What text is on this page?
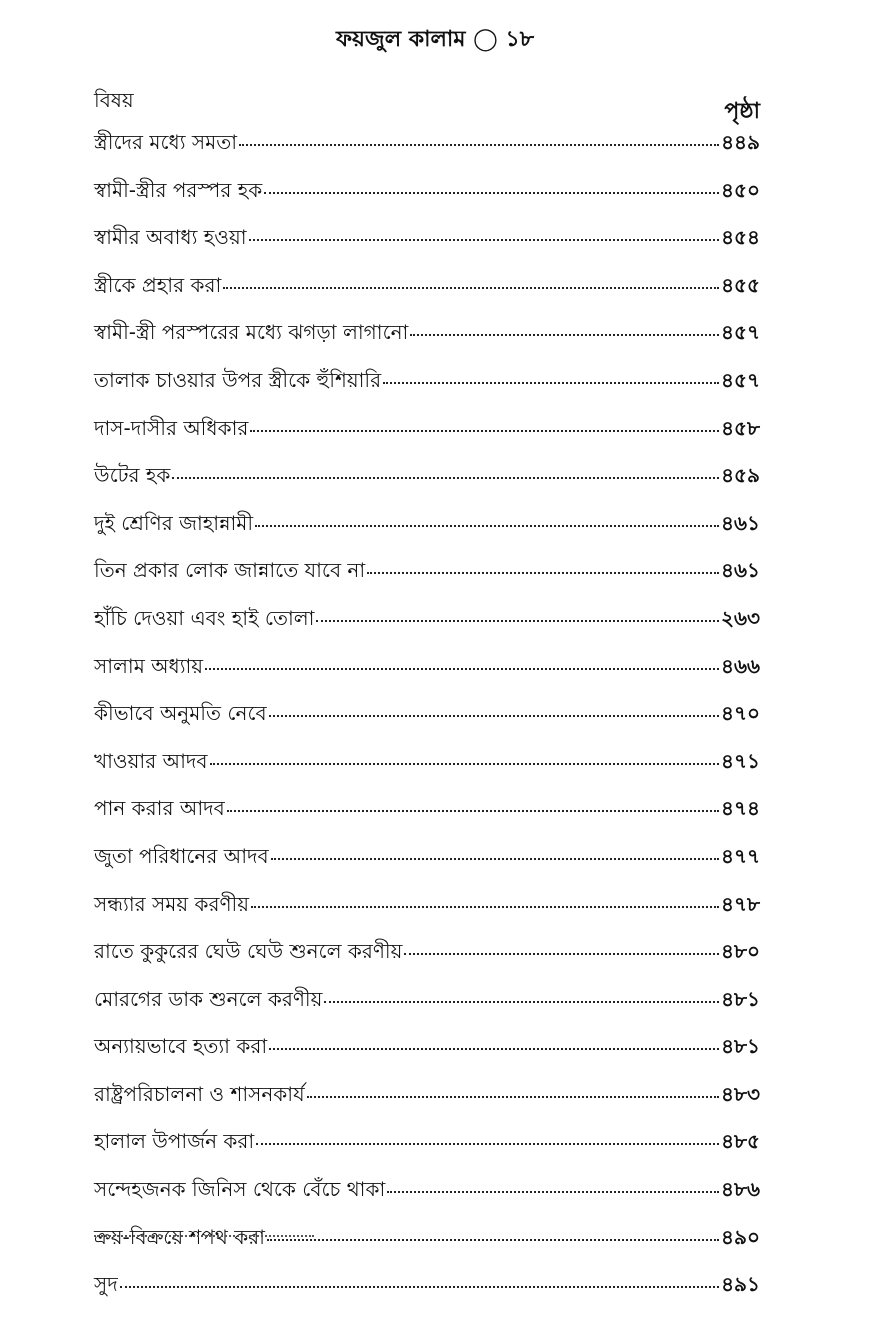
ফয়জুল কালাম ◯ ১৮
বিষয়	পৃষ্ঠা
স্ত্রীদের মধ্যে সমতা	৪৪৯
স্বামী-স্ত্রীর পরস্পর হক	৪৫০
স্বামীর অবাধ্য হওয়া	৪৫৪
স্ত্রীকে প্রহার করা	৪৫৫
স্বামী-স্ত্রী পরস্পরের মধ্যে ঝগড়া লাগানো	৪৫৭
তালাক চাওয়ার উপর স্ত্রীকে হুঁশিয়ারি	৪৫৭
দাস-দাসীর অধিকার	৪৫৮
উটের হক	৪৫৯
দুই শ্রেণির জাহান্নামী	৪৬১
তিন প্রকার লোক জান্নাতে যাবে না	৪৬১
হাঁচি দেওয়া এবং হাই তোলা	২৬৩
সালাম অধ্যায়	৪৬৬
কীভাবে অনুমতি নেবে	৪৭০
খাওয়ার আদব	৪৭১
পান করার আদব	৪৭৪
জুতা পরিধানের আদব	৪৭৭
সন্ধ্যার সময় করণীয়	৪৭৮
রাতে কুকুরের ঘেউ ঘেউ শুনলে করণীয়	৪৮০
মোরগের ডাক শুনলে করণীয়	৪৮১
অন্যায়ভাবে হত্যা করা	৪৮১
রাষ্ট্রপরিচালনা ও শাসনকার্য	৪৮৩
হালাল উপার্জন করা	৪৮৫
সন্দেহজনক জিনিস থেকে বেঁচে থাকা	৪৮৬
ক্রয়-বিক্রয়ে শপথ করা	৪৯০
সুদ	৪৯১
